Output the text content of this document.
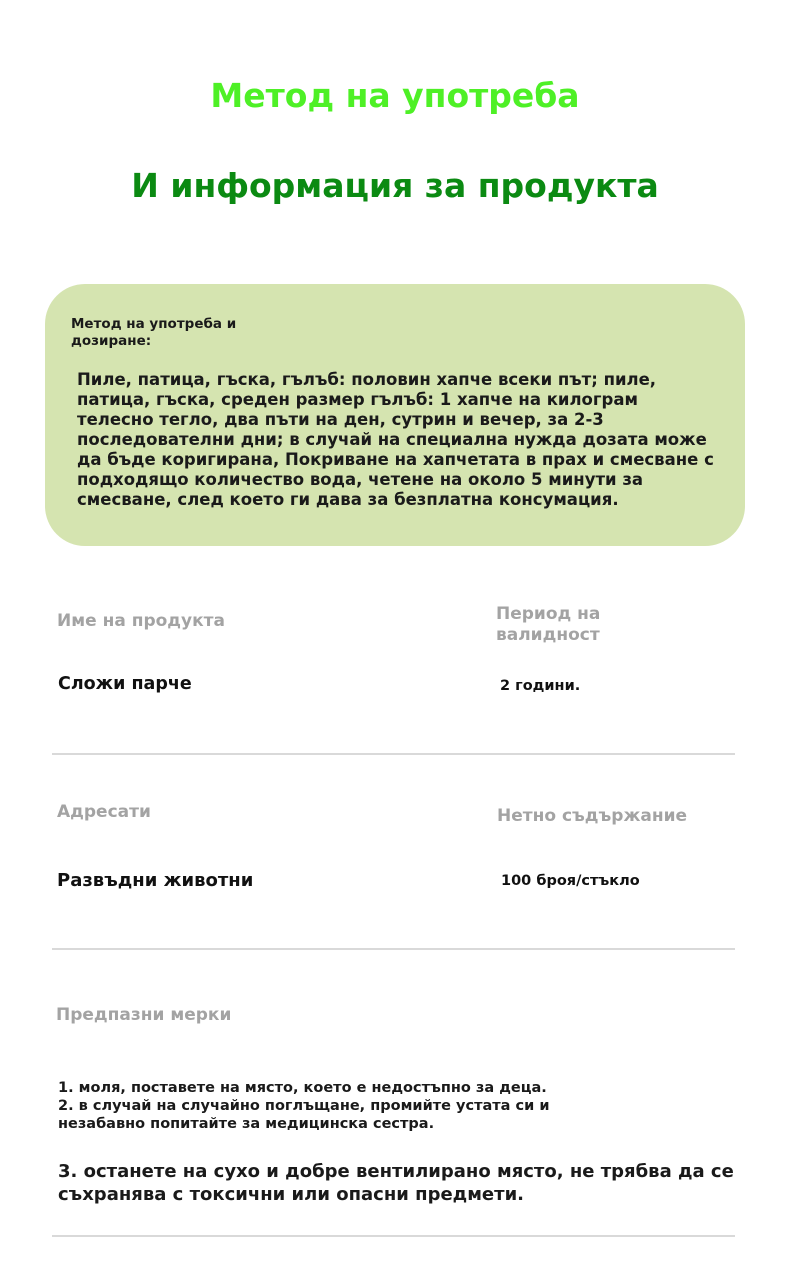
Метод на употреба
И информация за продукта
Метод на употреба и дозиране:
Пиле, патица, гъска, гълъб: половин хапче всеки път; пиле, патица, гъска, среден размер гълъб: 1 хапче на килограм телесно тегло, два пъти на ден, сутрин и вечер, за 2-3 последователни дни; в случай на специална нужда дозата може да бъде коригирана, Покриване на хапчетата в прах и смесване с подходящо количество вода, четене на около 5 минути за смесване, след което ги дава за безплатна консумация.
Име на продукта	Период на валидност
Сложи парче	2 години.
Адресати	Нетно съдържание
Развъдни животни	100 броя/стъкло
Предпазни мерки
1. моля, поставете на място, което е недостъпно за деца.
2. в случай на случайно поглъщане, промийте устата си и незабавно попитайте за медицинска сестра.
3. останете на сухо и добре вентилирано място, не трябва да се съхранява с токсични или опасни предмети.
